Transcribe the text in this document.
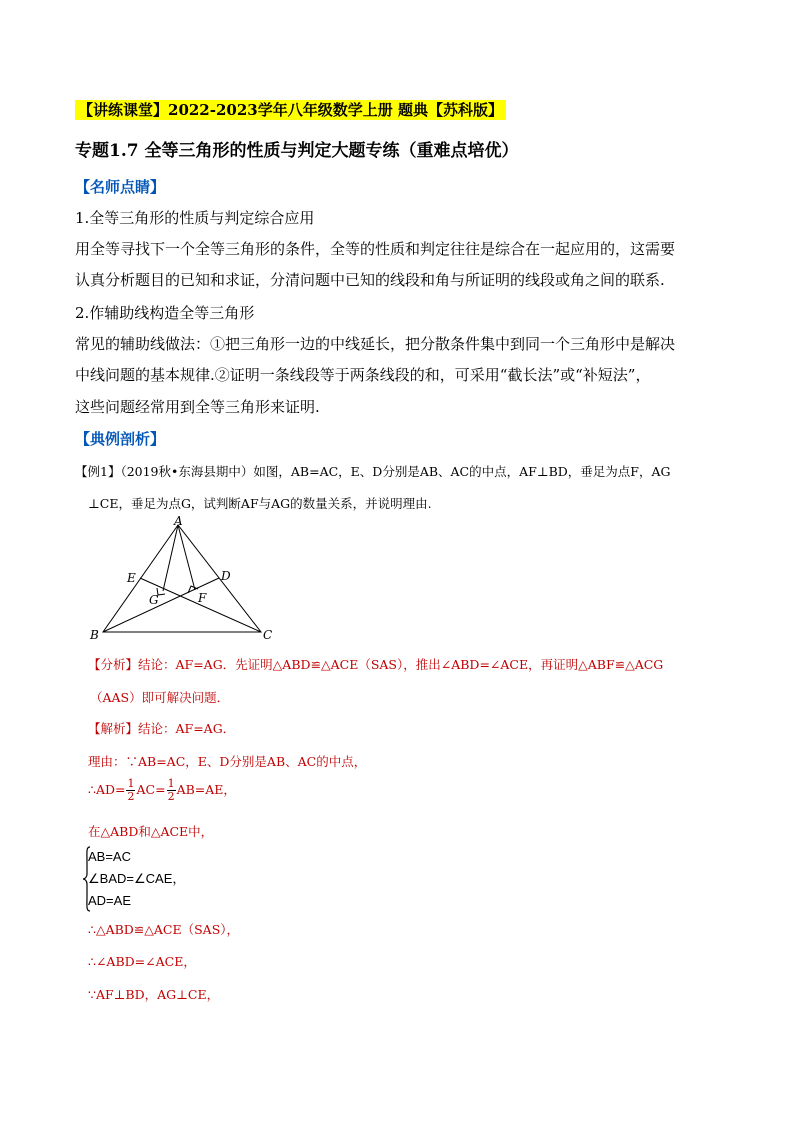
【讲练课堂】2022-2023学年八年级数学上册 题典【苏科版】
专题1.7 全等三角形的性质与判定大题专练（重难点培优）
【名师点睛】
1.全等三角形的性质与判定综合应用
用全等寻找下一个全等三角形的条件，全等的性质和判定往往是综合在一起应用的，这需要
认真分析题目的已知和求证，分清问题中已知的线段和角与所证明的线段或角之间的联系.
2.作辅助线构造全等三角形
常见的辅助线做法：①把三角形一边的中线延长，把分散条件集中到同一个三角形中是解决
中线问题的基本规律.②证明一条线段等于两条线段的和，可采用“截长法”或“补短法”，
这些问题经常用到全等三角形来证明.
【典例剖析】
【例1】（2019秋•东海县期中）如图，AB=AC，E、D分别是AB、AC的中点，AF⊥BD，垂足为点F，AG
⊥CE，垂足为点G，试判断AF与AG的数量关系，并说明理由.
A
B	C
D
E
F
G
【分析】结论：AF=AG．先证明△ABD≌△ACE（SAS），推出∠ABD=∠ACE，再证明△ABF≌△ACG
（AAS）即可解决问题．
【解析】结论：AF=AG．
理由：∵AB=AC，E、D分别是AB、AC的中点，
∴AD= $\frac{1}{2} AC= \frac{1}{2} AB=AE$，
在△ABD和△ACE中，
AB=AC
∠BAD=∠CAE，
AD=AE
∴△ABD≌△ACE（SAS），
∴∠ABD=∠ACE，
∵AF⊥BD，AG⊥CE，
